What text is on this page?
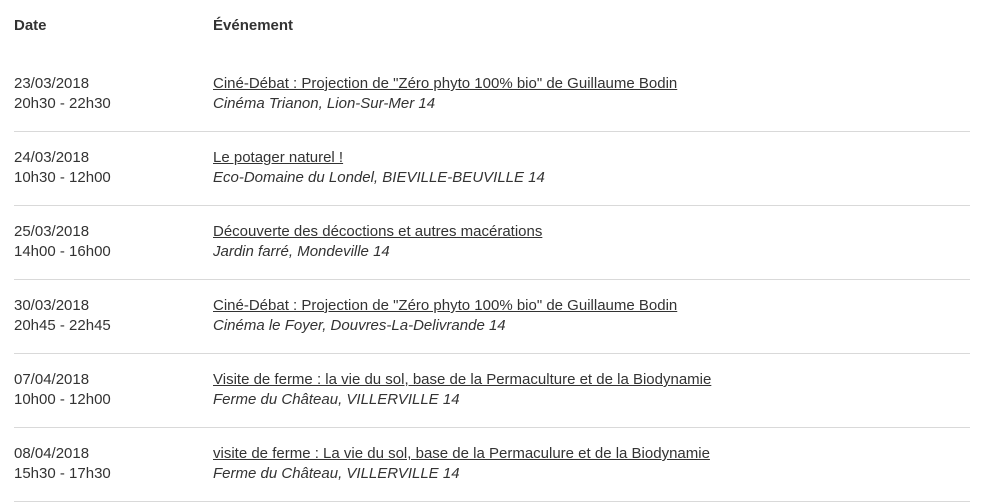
Date	Événement
23/03/2018
20h30 - 22h30
Ciné-Débat : Projection de "Zéro phyto 100% bio" de Guillaume Bodin
Cinéma Trianon, Lion-Sur-Mer 14
24/03/2018
10h30 - 12h00
Le potager naturel !
Eco-Domaine du Londel, BIEVILLE-BEUVILLE 14
25/03/2018
14h00 - 16h00
Découverte des décoctions et autres macérations
Jardin farré, Mondeville 14
30/03/2018
20h45 - 22h45
Ciné-Débat : Projection de "Zéro phyto 100% bio" de Guillaume Bodin
Cinéma le Foyer, Douvres-La-Delivrande 14
07/04/2018
10h00 - 12h00
Visite de ferme : la vie du sol, base de la Permaculture et de la Biodynamie
Ferme du Château, VILLERVILLE 14
08/04/2018
15h30 - 17h30
visite de ferme : La vie du sol, base de la Permaculure et de la Biodynamie
Ferme du Château, VILLERVILLE 14
